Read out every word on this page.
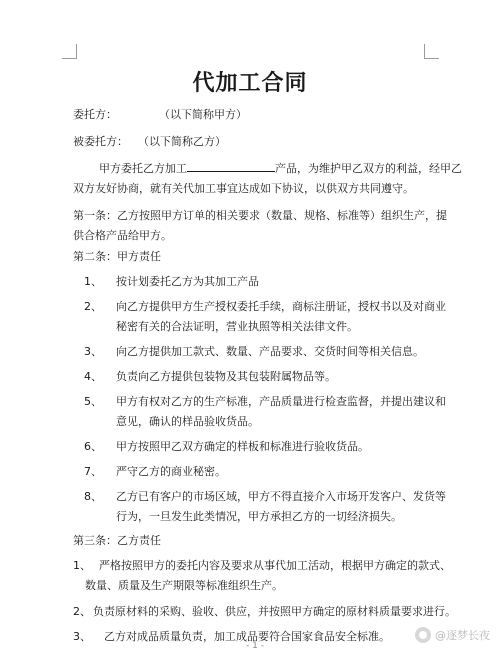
代加工合同
委托方：	（以下简称甲方）
被委托方： （以下简称乙方）
甲方委托乙方加工	产品，为维护甲乙双方的利益，经甲乙
双方友好协商，就有关代加工事宜达成如下协议，以供双方共同遵守。
第一条：乙方按照甲方订单的相关要求（数量、规格、标准等）组织生产，提
供合格产品给甲方。
第二条：甲方责任
1、 按计划委托乙方为其加工产品
2、 向乙方提供甲方生产授权委托手续，商标注册证，授权书以及对商业
秘密有关的合法证明，营业执照等相关法律文件。
3、 向乙方提供加工款式、数量、产品要求、交货时间等相关信息。
4、 负责向乙方提供包装物及其包装附属物品等。
5、 甲方有权对乙方的生产标准，产品质量进行检查监督，并提出建议和
意见，确认的样品验收货品。
6、 甲方按照甲乙双方确定的样板和标准进行验收货品。
7、 严守乙方的商业秘密。
8、 乙方已有客户的市场区域，甲方不得直接介入市场开发客户、发货等
行为，一旦发生此类情况，甲方承担乙方的一切经济损失。
第三条：乙方责任
1、 严格按照甲方的委托内容及要求从事代加工活动，根据甲方确定的款式、
数量、质量及生产期限等标准组织生产。
2、 负责原材料的采购、验收、供应，并按照甲方确定的原材料质量要求进行。
3、 乙方对成品质量负责，加工成品要符合国家食品安全标准。	@逐梦长夜
- 1 -
